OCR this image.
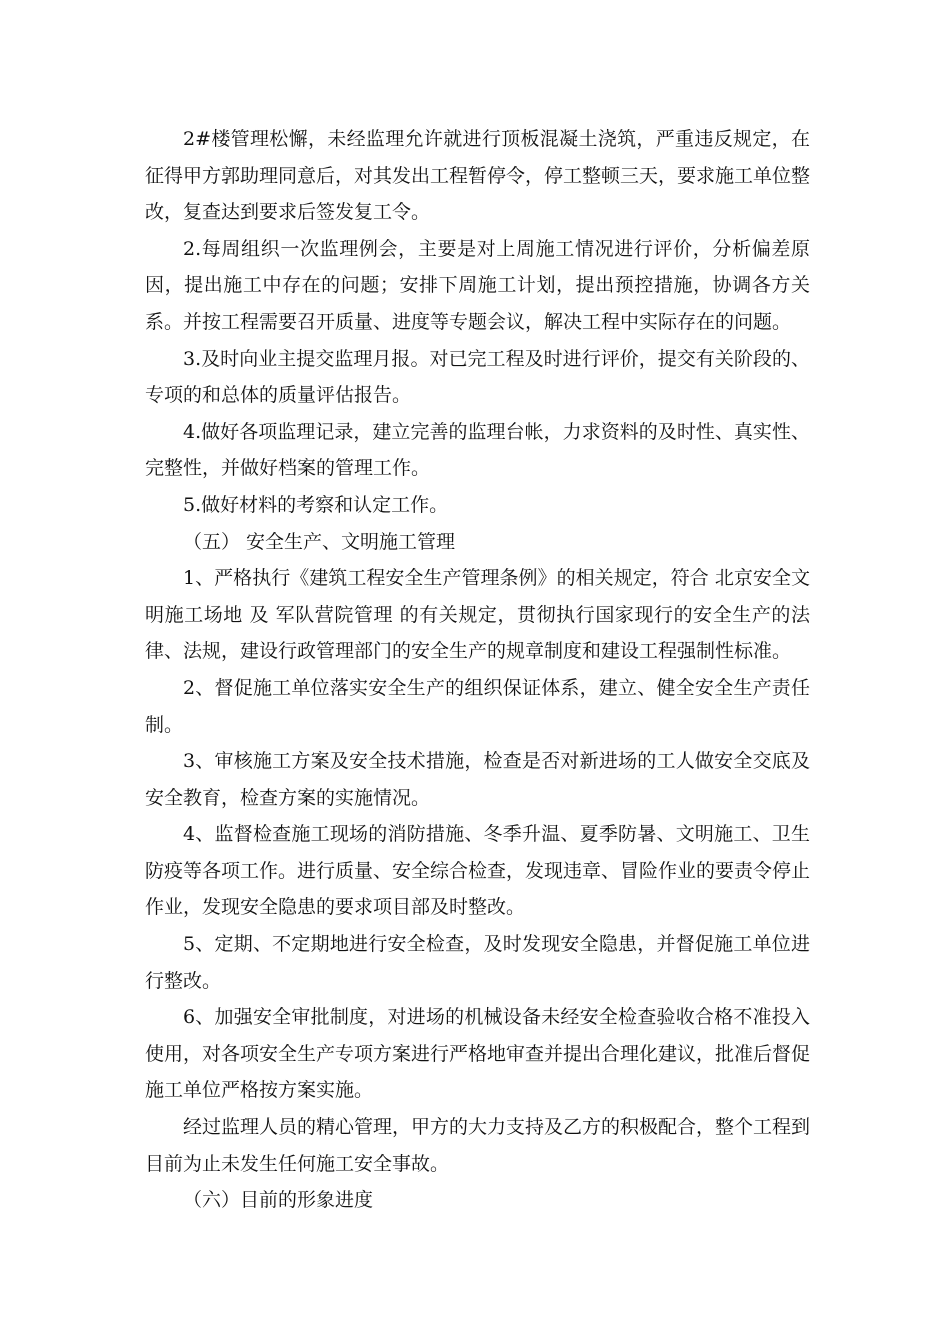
2#楼管理松懈，未经监理允许就进行顶板混凝土浇筑，严重违反规定，在征得甲方郭助理同意后，对其发出工程暂停令，停工整顿三天，要求施工单位整改，复查达到要求后签发复工令。

2.每周组织一次监理例会，主要是对上周施工情况进行评价，分析偏差原因，提出施工中存在的问题；安排下周施工计划，提出预控措施，协调各方关系。并按工程需要召开质量、进度等专题会议，解决工程中实际存在的问题。

3.及时向业主提交监理月报。对已完工程及时进行评价，提交有关阶段的、专项的和总体的质量评估报告。

4.做好各项监理记录，建立完善的监理台帐，力求资料的及时性、真实性、完整性，并做好档案的管理工作。

5.做好材料的考察和认定工作。

（五） 安全生产、文明施工管理

1、严格执行《建筑工程安全生产管理条例》的相关规定，符合 北京安全文明施工场地 及 军队营院管理 的有关规定，贯彻执行国家现行的安全生产的法律、法规，建设行政管理部门的安全生产的规章制度和建设工程强制性标准。

2、督促施工单位落实安全生产的组织保证体系，建立、健全安全生产责任制。

3、审核施工方案及安全技术措施，检查是否对新进场的工人做安全交底及安全教育，检查方案的实施情况。

4、监督检查施工现场的消防措施、冬季升温、夏季防暑、文明施工、卫生防疫等各项工作。进行质量、安全综合检查，发现违章、冒险作业的要责令停止作业，发现安全隐患的要求项目部及时整改。

5、定期、不定期地进行安全检查，及时发现安全隐患，并督促施工单位进行整改。

6、加强安全审批制度，对进场的机械设备未经安全检查验收合格不准投入使用，对各项安全生产专项方案进行严格地审查并提出合理化建议，批准后督促施工单位严格按方案实施。

经过监理人员的精心管理，甲方的大力支持及乙方的积极配合，整个工程到目前为止未发生任何施工安全事故。

（六）目前的形象进度
